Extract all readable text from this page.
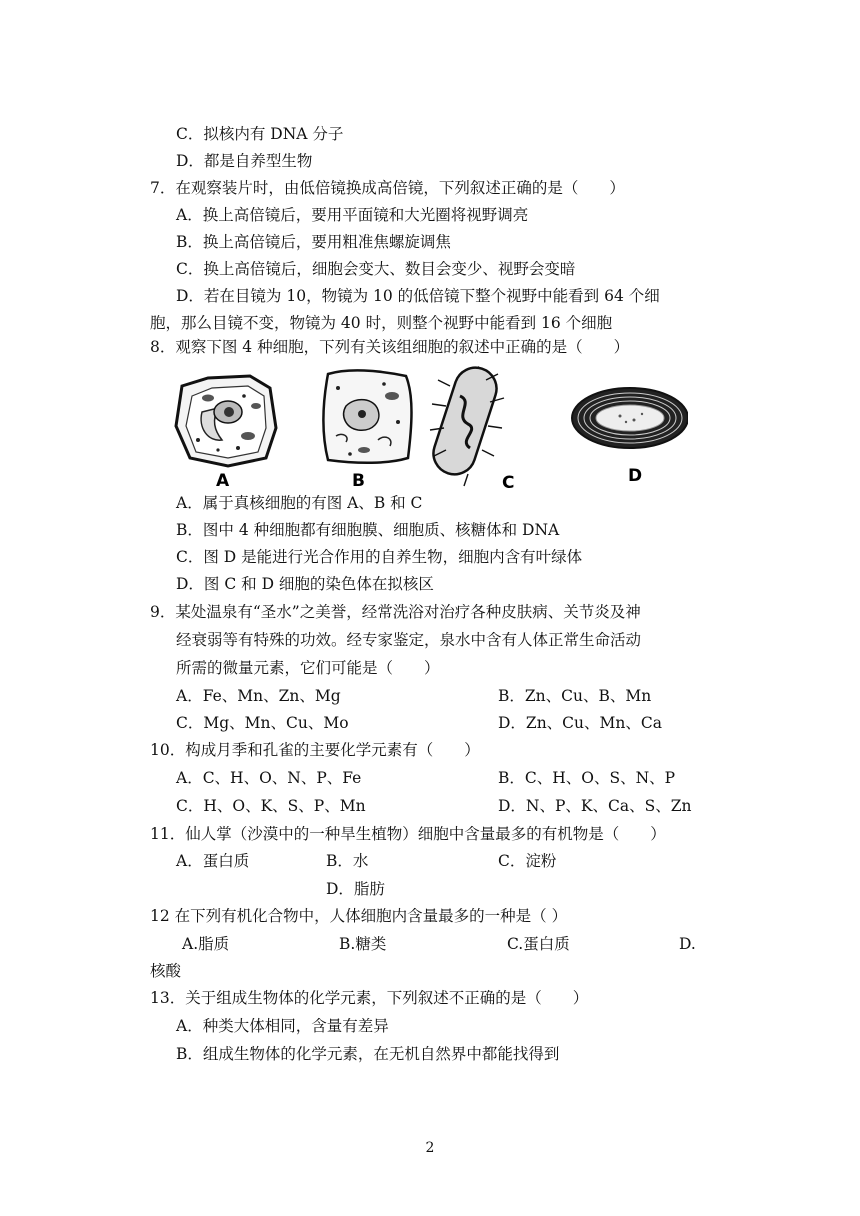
C．拟核内有 DNA 分子
D．都是自养型生物
7．在观察装片时，由低倍镜换成高倍镜，下列叙述正确的是（　　）
A．换上高倍镜后，要用平面镜和大光圈将视野调亮
B．换上高倍镜后，要用粗准焦螺旋调焦
C．换上高倍镜后，细胞会变大、数目会变少、视野会变暗
D．若在目镜为 10，物镜为 10 的低倍镜下整个视野中能看到 64 个细
胞，那么目镜不变，物镜为 40 时，则整个视野中能看到 16 个细胞
8．观察下图 4 种细胞，下列有关该组细胞的叙述中正确的是（　　）
A	B	C	D
A．属于真核细胞的有图 A、B 和 C
B．图中 4 种细胞都有细胞膜、细胞质、核糖体和 DNA
C．图 D 是能进行光合作用的自养生物，细胞内含有叶绿体
D．图 C 和 D 细胞的染色体在拟核区
9．某处温泉有“圣水”之美誉，经常洗浴对治疗各种皮肤病、关节炎及神
经衰弱等有特殊的功效。经专家鉴定，泉水中含有人体正常生命活动
所需的微量元素，它们可能是（　　）
A．Fe、Mn、Zn、Mg	B．Zn、Cu、B、Mn
C．Mg、Mn、Cu、Mo	D．Zn、Cu、Mn、Ca
10．构成月季和孔雀的主要化学元素有（　　）
A．C、H、O、N、P、Fe	B．C、H、O、S、N、P
C．H、O、K、S、P、Mn	D．N、P、K、Ca、S、Zn
11．仙人掌（沙漠中的一种旱生植物）细胞中含量最多的有机物是（　　）
A．蛋白质	B．水	C．淀粉
D．脂肪
12 在下列有机化合物中，人体细胞内含量最多的一种是（ ）
A.脂质	B.糖类	C.蛋白质	D.
核酸
13．关于组成生物体的化学元素，下列叙述不正确的是（　　）
A．种类大体相同，含量有差异
B．组成生物体的化学元素，在无机自然界中都能找得到
2
